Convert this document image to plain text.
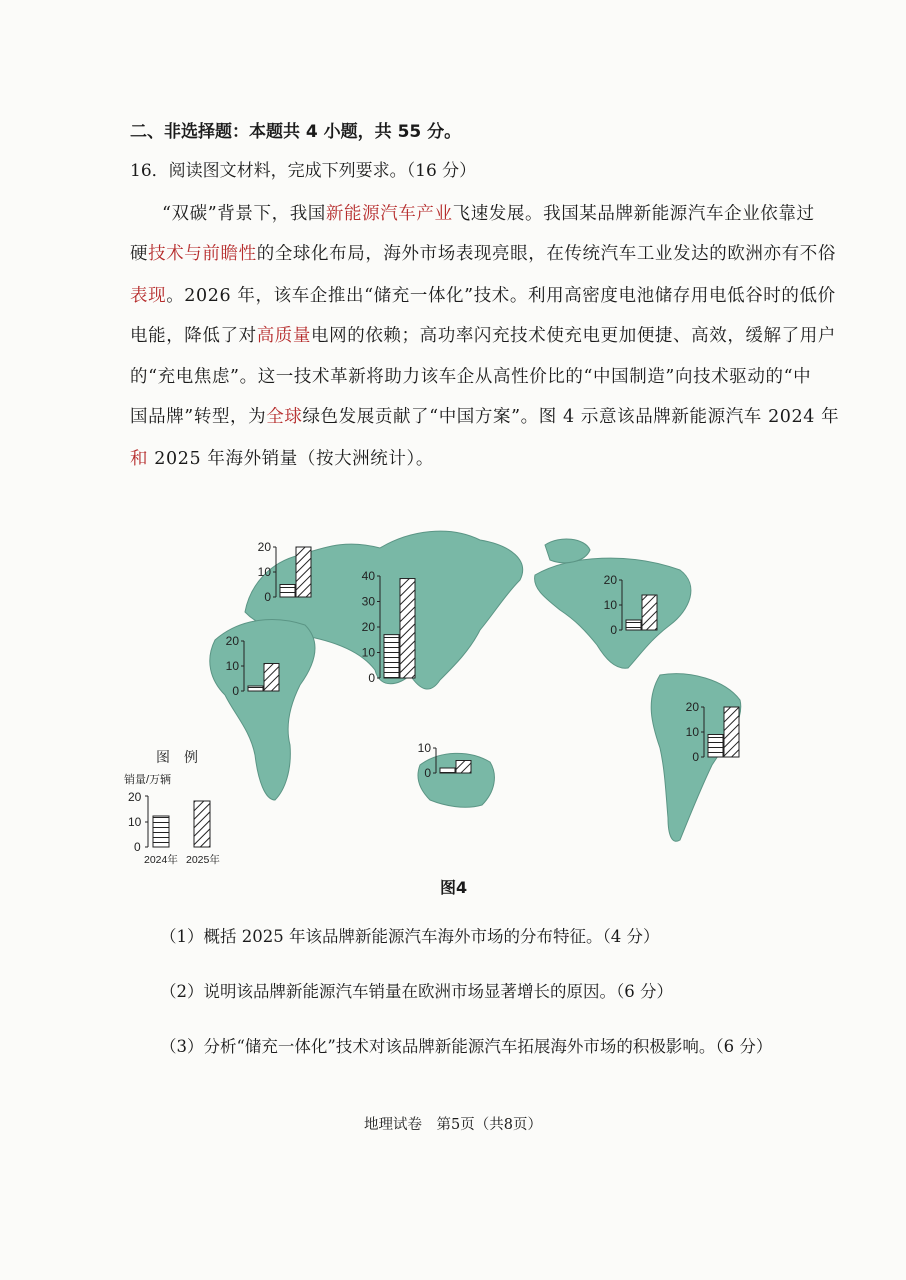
二、非选择题：本题共 4 小题，共 55 分。
16．阅读图文材料，完成下列要求。（16 分）
“双碳”背景下，我国新能源汽车产业飞速发展。我国某品牌新能源汽车企业依靠过
硬技术与前瞻性的全球化布局，海外市场表现亮眼，在传统汽车工业发达的欧洲亦有不俗
表现。2026 年，该车企推出“储充一体化”技术。利用高密度电池储存用电低谷时的低价
电能，降低了对高质量电网的依赖；高功率闪充技术使充电更加便捷、高效，缓解了用户
的“充电焦虑”。这一技术革新将助力该车企从高性价比的“中国制造”向技术驱动的“中
国品牌”转型，为全球绿色发展贡献了“中国方案”。图 4 示意该品牌新能源汽车 2024 年
和 2025 年海外销量（按大洲统计）。
20
10
0
40
30
20
10
0
20
10
0
10
0
20
10
0
20
10
0
图　例
销量/万辆
20
10
0
2024年 2025年
图4
（1）概括 2025 年该品牌新能源汽车海外市场的分布特征。（4 分）
（2）说明该品牌新能源汽车销量在欧洲市场显著增长的原因。（6 分）
（3）分析“储充一体化”技术对该品牌新能源汽车拓展海外市场的积极影响。（6 分）
地理试卷　第5页（共8页）
